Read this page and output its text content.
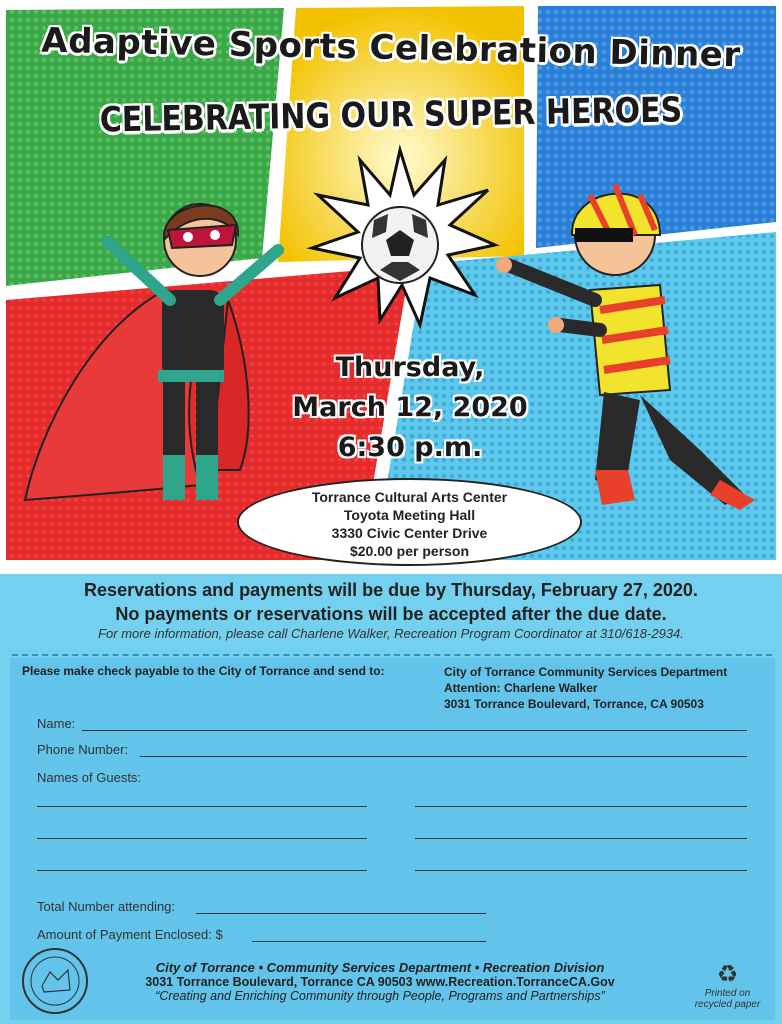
Adaptive Sports Celebration Dinner
CELEBRATING OUR SUPER HEROES
Thursday,
March 12, 2020
6:30 p.m.
Torrance Cultural Arts Center
Toyota Meeting Hall
3330 Civic Center Drive
$20.00 per person
Reservations and payments will be due by Thursday, February 27, 2020.
No payments or reservations will be accepted after the due date.
For more information, please call Charlene Walker, Recreation Program Coordinator at 310/618-2934.
Please make check payable to the City of Torrance and send to:	City of Torrance Community Services Department
Attention: Charlene Walker
3031 Torrance Boulevard, Torrance, CA 90503
Name:
Phone Number:
Names of Guests:
Total Number attending:
Amount of Payment Enclosed: $
City of Torrance • Community Services Department • Recreation Division
3031 Torrance Boulevard, Torrance CA 90503 www.Recreation.TorranceCA.Gov
“Creating and Enriching Community through People, Programs and Partnerships”
♻
Printed on recycled paper
